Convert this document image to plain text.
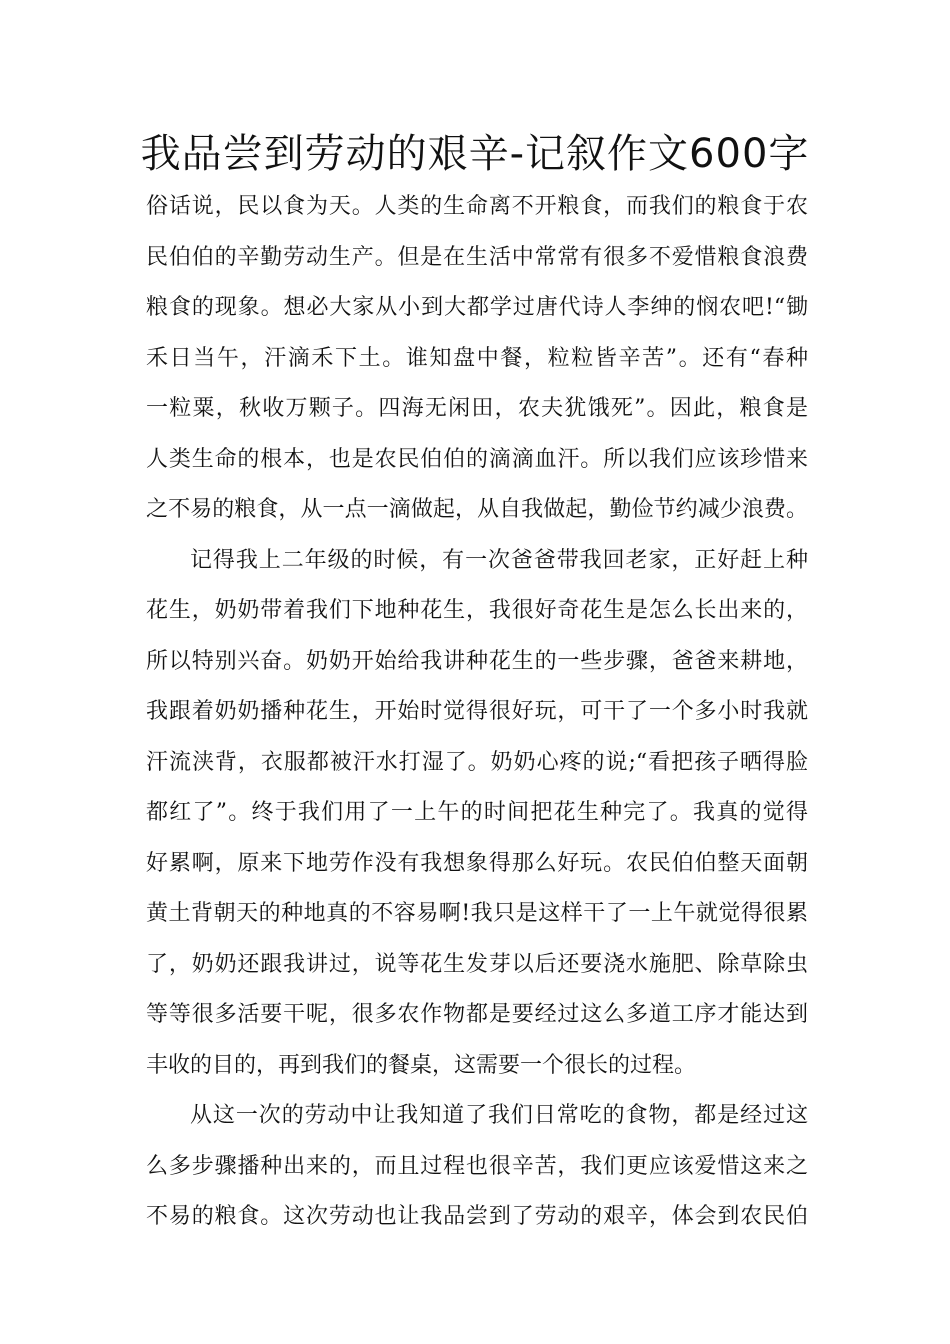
我品尝到劳动的艰辛-记叙作文600字

俗话说，民以食为天。人类的生命离不开粮食，而我们的粮食于农
民伯伯的辛勤劳动生产。但是在生活中常常有很多不爱惜粮食浪费
粮食的现象。想必大家从小到大都学过唐代诗人李绅的悯农吧!“锄
禾日当午，汗滴禾下土。谁知盘中餐，粒粒皆辛苦”。还有“春种
一粒粟，秋收万颗子。四海无闲田，农夫犹饿死”。因此，粮食是
人类生命的根本，也是农民伯伯的滴滴血汗。所以我们应该珍惜来
之不易的粮食，从一点一滴做起，从自我做起，勤俭节约减少浪费。

记得我上二年级的时候，有一次爸爸带我回老家，正好赶上种
花生，奶奶带着我们下地种花生，我很好奇花生是怎么长出来的，
所以特别兴奋。奶奶开始给我讲种花生的一些步骤，爸爸来耕地，
我跟着奶奶播种花生，开始时觉得很好玩，可干了一个多小时我就
汗流浃背，衣服都被汗水打湿了。奶奶心疼的说;“看把孩子晒得脸
都红了”。终于我们用了一上午的时间把花生种完了。我真的觉得
好累啊，原来下地劳作没有我想象得那么好玩。农民伯伯整天面朝
黄土背朝天的种地真的不容易啊!我只是这样干了一上午就觉得很累
了，奶奶还跟我讲过，说等花生发芽以后还要浇水施肥、除草除虫
等等很多活要干呢，很多农作物都是要经过这么多道工序才能达到
丰收的目的，再到我们的餐桌，这需要一个很长的过程。

从这一次的劳动中让我知道了我们日常吃的食物，都是经过这
么多步骤播种出来的，而且过程也很辛苦，我们更应该爱惜这来之
不易的粮食。这次劳动也让我品尝到了劳动的艰辛，体会到农民伯
